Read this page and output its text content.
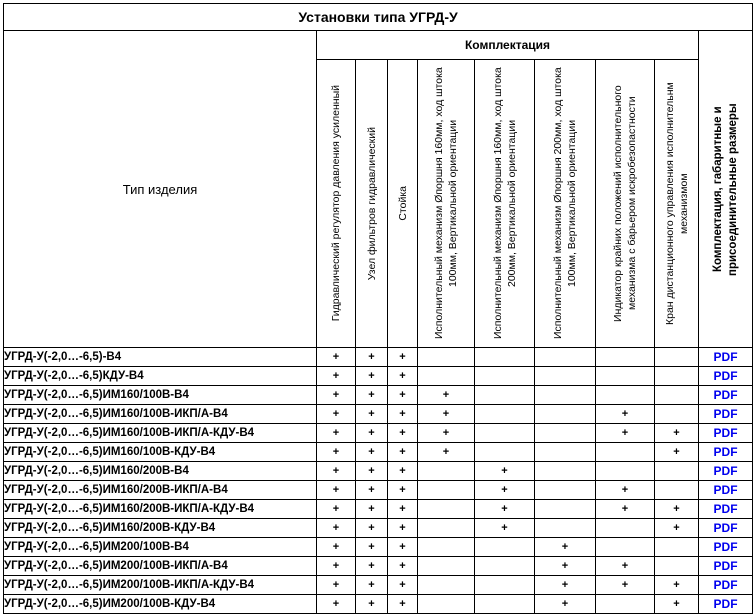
Установки типа УГРД-У									
Тип изделия	Комплектация								Комплектация, габаритные и присоединительные размеры

	Гидравлический регулятор давления усиленный	Узел фильтров гидравлический	Стойка	Исполнительный механизм Øпоршня 160мм, ход штока 100мм, Вертикальной ориентации	Исполнительный механизм Øпоршня 160мм, ход штока 200мм, Вертикальной ориентации	Исполнительный механизм Øпоршня 200мм, ход штока 100мм, Вертикальной ориентации	Индикатор крайних положений исполнительного механизма с барьером искробезопастности	Кран дистанционного управления исполнительнм механизмом	

УГРД-У(-2,0…-6,5)-В4	+	+	+						PDF
УГРД-У(-2,0…-6,5)КДУ-В4	+	+	+						PDF
УГРД-У(-2,0…-6,5)ИМ160/100В-В4	+	+	+	+					PDF
УГРД-У(-2,0…-6,5)ИМ160/100В-ИКП/А-В4	+	+	+	+			+		PDF
УГРД-У(-2,0…-6,5)ИМ160/100В-ИКП/А-КДУ-В4	+	+	+	+			+	+	PDF
УГРД-У(-2,0…-6,5)ИМ160/100В-КДУ-В4	+	+	+	+				+	PDF
УГРД-У(-2,0…-6,5)ИМ160/200В-В4	+	+	+		+				PDF
УГРД-У(-2,0…-6,5)ИМ160/200В-ИКП/А-В4	+	+	+		+		+		PDF
УГРД-У(-2,0…-6,5)ИМ160/200В-ИКП/А-КДУ-В4	+	+	+		+		+	+	PDF
УГРД-У(-2,0…-6,5)ИМ160/200В-КДУ-В4	+	+	+		+			+	PDF
УГРД-У(-2,0…-6,5)ИМ200/100В-В4	+	+	+			+			PDF
УГРД-У(-2,0…-6,5)ИМ200/100В-ИКП/А-В4	+	+	+			+	+		PDF
УГРД-У(-2,0…-6,5)ИМ200/100В-ИКП/А-КДУ-В4	+	+	+			+	+	+	PDF
УГРД-У(-2,0…-6,5)ИМ200/100В-КДУ-В4	+	+	+			+		+	PDF
